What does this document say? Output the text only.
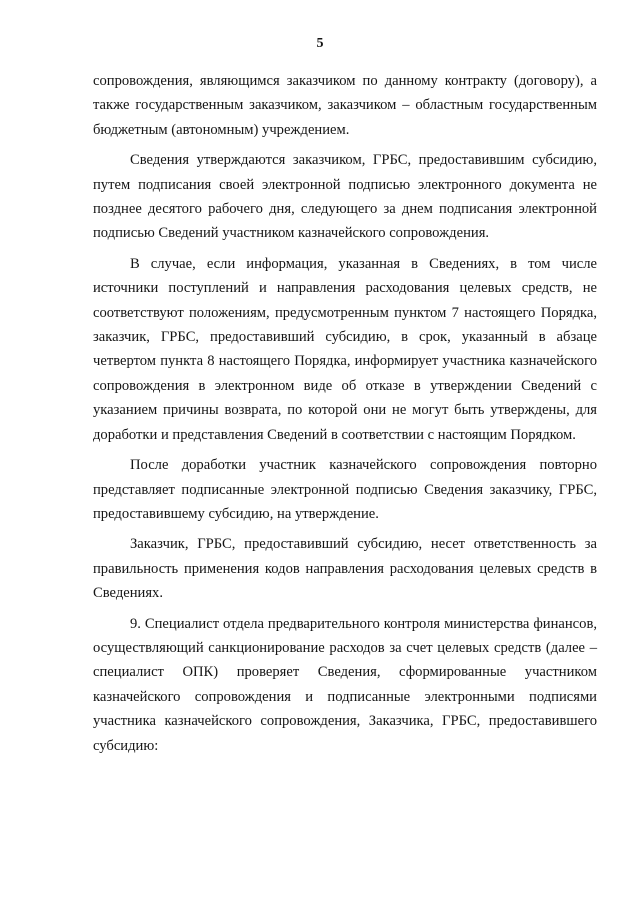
5

сопровождения, являющимся заказчиком по данному контракту (договору), а также государственным заказчиком, заказчиком – областным государственным бюджетным (автономным) учреждением.

Сведения утверждаются заказчиком, ГРБС, предоставившим субсидию, путем подписания своей электронной подписью электронного документа не позднее десятого рабочего дня, следующего за днем подписания электронной подписью Сведений участником казначейского сопровождения.

В случае, если информация, указанная в Сведениях, в том числе источники поступлений и направления расходования целевых средств, не соответствуют положениям, предусмотренным пунктом 7 настоящего Порядка, заказчик, ГРБС, предоставивший субсидию, в срок, указанный в абзаце четвертом пункта 8 настоящего Порядка, информирует участника казначейского сопровождения в электронном виде об отказе в утверждении Сведений с указанием причины возврата, по которой они не могут быть утверждены, для доработки и представления Сведений в соответствии с настоящим Порядком.

После доработки участник казначейского сопровождения повторно представляет подписанные электронной подписью Сведения заказчику, ГРБС, предоставившему субсидию, на утверждение.

Заказчик, ГРБС, предоставивший субсидию, несет ответственность за правильность применения кодов направления расходования целевых средств в Сведениях.

9. Специалист отдела предварительного контроля министерства финансов, осуществляющий санкционирование расходов за счет целевых средств (далее – специалист ОПК) проверяет Сведения, сформированные участником казначейского сопровождения и подписанные электронными подписями участника казначейского сопровождения, Заказчика, ГРБС, предоставившего субсидию:
